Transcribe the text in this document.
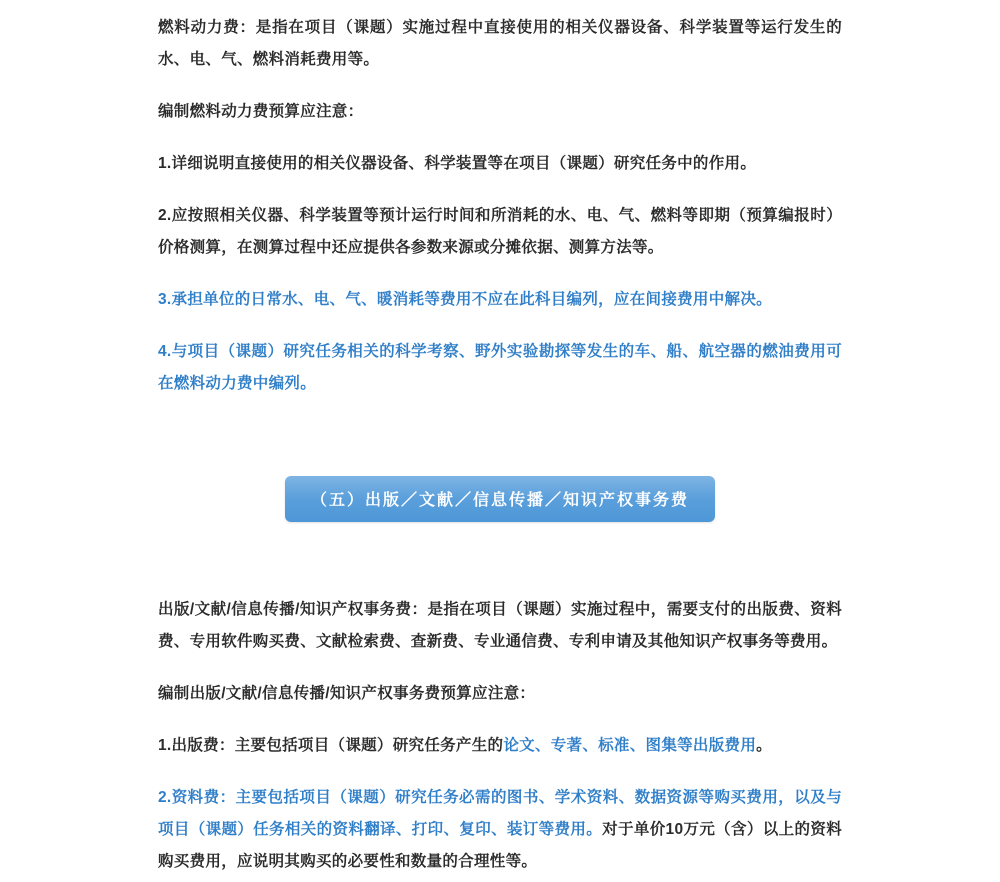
燃料动力费：是指在项目（课题）实施过程中直接使用的相关仪器设备、科学装置等运行发生的水、电、气、燃料消耗费用等。

编制燃料动力费预算应注意：

1.详细说明直接使用的相关仪器设备、科学装置等在项目（课题）研究任务中的作用。

2.应按照相关仪器、科学装置等预计运行时间和所消耗的水、电、气、燃料等即期（预算编报时）价格测算，在测算过程中还应提供各参数来源或分摊依据、测算方法等。

3.承担单位的日常水、电、气、暖消耗等费用不应在此科目编列，应在间接费用中解决。

4.与项目（课题）研究任务相关的科学考察、野外实验勘探等发生的车、船、航空器的燃油费用可在燃料动力费中编列。

（五）出版／文献／信息传播／知识产权事务费

出版/文献/信息传播/知识产权事务费：是指在项目（课题）实施过程中，需要支付的出版费、资料费、专用软件购买费、文献检索费、查新费、专业通信费、专利申请及其他知识产权事务等费用。

编制出版/文献/信息传播/知识产权事务费预算应注意：

1.出版费：主要包括项目（课题）研究任务产生的论文、专著、标准、图集等出版费用。

2.资料费：主要包括项目（课题）研究任务必需的图书、学术资料、数据资源等购买费用，以及与项目（课题）任务相关的资料翻译、打印、复印、装订等费用。对于单价10万元（含）以上的资料购买费用，应说明其购买的必要性和数量的合理性等。
